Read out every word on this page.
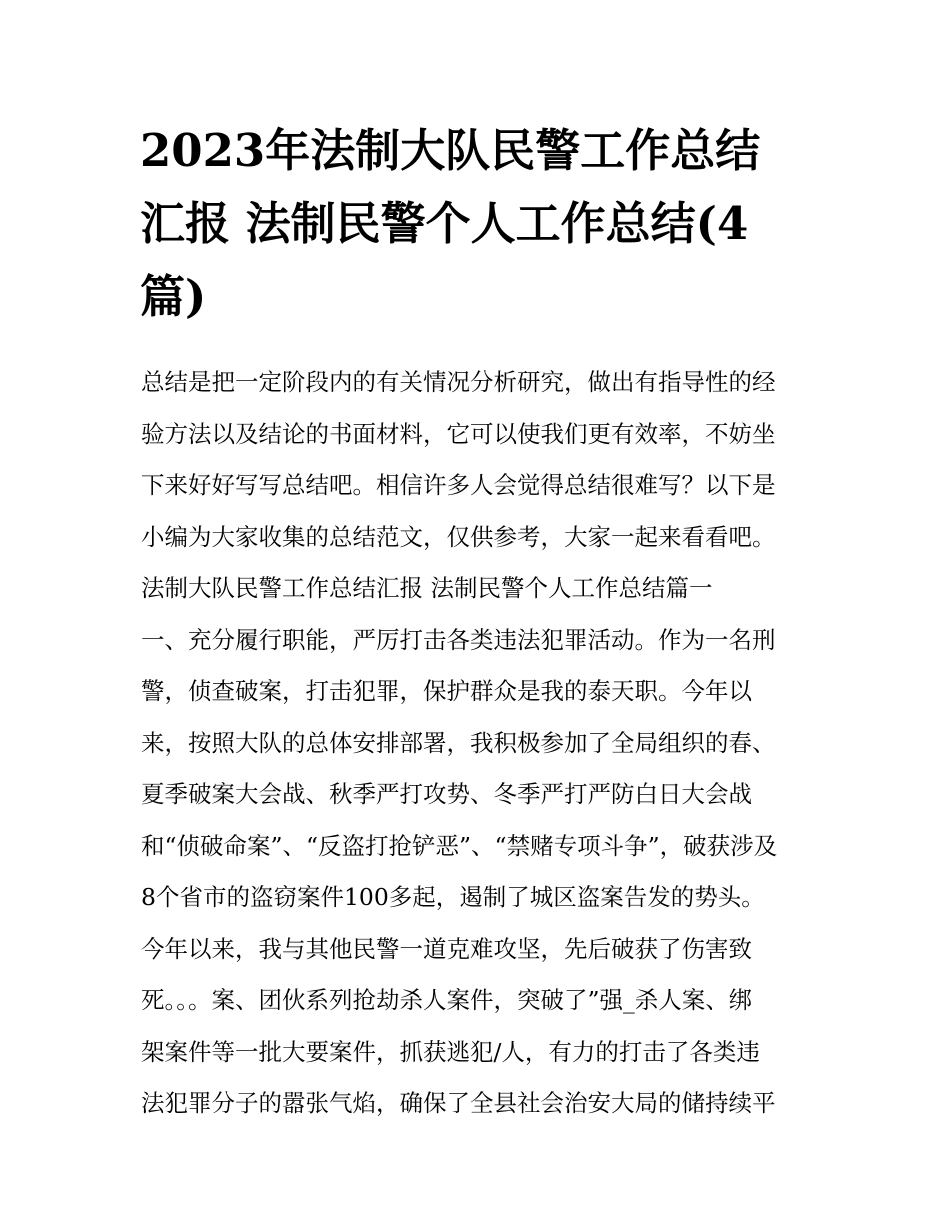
2023年法制大队民警工作总结
汇报 法制民警个人工作总结(4
篇)
总结是把一定阶段内的有关情况分析研究，做出有指导性的经
验方法以及结论的书面材料，它可以使我们更有效率，不妨坐
下来好好写写总结吧。相信许多人会觉得总结很难写？以下是
小编为大家收集的总结范文，仅供参考，大家一起来看看吧。
法制大队民警工作总结汇报 法制民警个人工作总结篇一
一、充分履行职能，严厉打击各类违法犯罪活动。作为一名刑
警，侦查破案，打击犯罪，保护群众是我的泰天职。今年以
来，按照大队的总体安排部署，我积极参加了全局组织的春、
夏季破案大会战、秋季严打攻势、冬季严打严防白日大会战
和“侦破命案”、“反盗打抢铲恶”、“禁赌专项斗争”，破获涉及
8个省市的盗窃案件100多起，遏制了城区盗案告发的势头。
今年以来，我与其他民警一道克难攻坚，先后破获了伤害致
死。。。案、团伙系列抢劫杀人案件，突破了”强_杀人案、绑
架案件等一批大要案件，抓获逃犯/人，有力的打击了各类违
法犯罪分子的嚣张气焰，确保了全县社会治安大局的储持续平
